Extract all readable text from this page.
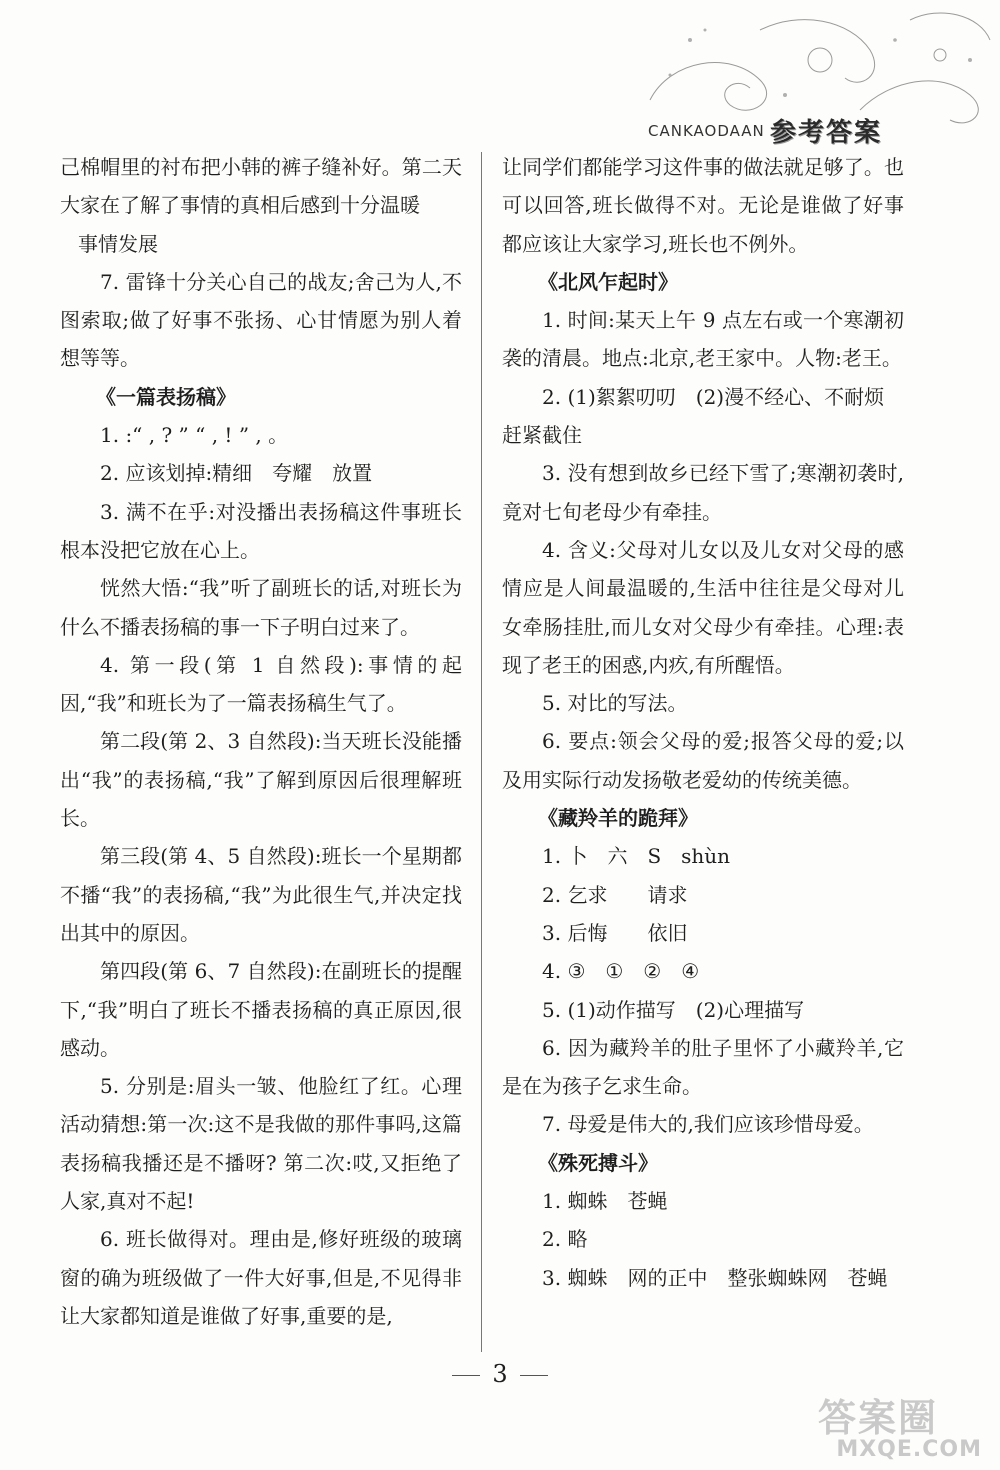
CANKAODAAN 参考答案

己棉帽里的衬布把小韩的裤子缝补好。第二天大家在了解了事情的真相后感到十分温暖

事情发展

7. 雷锋十分关心自己的战友;舍己为人,不图索取;做了好事不张扬、心甘情愿为别人着想等等。

《一篇表扬稿》

1. :“ , ? ” “ , ! ” , 。

2. 应该划掉:精细　夸耀　放置

3. 满不在乎:对没播出表扬稿这件事班长根本没把它放在心上。

恍然大悟:“我”听了副班长的话,对班长为什么不播表扬稿的事一下子明白过来了。

4. 第一段(第 1 自然段):事情的起因,“我”和班长为了一篇表扬稿生气了。

第二段(第 2、3 自然段):当天班长没能播出“我”的表扬稿,“我”了解到原因后很理解班长。

第三段(第 4、5 自然段):班长一个星期都不播“我”的表扬稿,“我”为此很生气,并决定找出其中的原因。

第四段(第 6、7 自然段):在副班长的提醒下,“我”明白了班长不播表扬稿的真正原因,很感动。

5. 分别是:眉头一皱、他脸红了红。心理活动猜想:第一次:这不是我做的那件事吗,这篇表扬稿我播还是不播呀? 第二次:哎,又拒绝了人家,真对不起!

6. 班长做得对。理由是,修好班级的玻璃窗的确为班级做了一件大好事,但是,不见得非让大家都知道是谁做了好事,重要的是,

让同学们都能学习这件事的做法就足够了。也可以回答,班长做得不对。无论是谁做了好事都应该让大家学习,班长也不例外。

《北风乍起时》

1. 时间:某天上午 9 点左右或一个寒潮初袭的清晨。地点:北京,老王家中。人物:老王。

2. (1)絮絮叨叨　(2)漫不经心、不耐烦

赶紧截住

3. 没有想到故乡已经下雪了;寒潮初袭时,竟对七旬老母少有牵挂。

4. 含义:父母对儿女以及儿女对父母的感情应是人间最温暖的,生活中往往是父母对儿女牵肠挂肚,而儿女对父母少有牵挂。心理:表现了老王的困惑,内疚,有所醒悟。

5. 对比的写法。

6. 要点:领会父母的爱;报答父母的爱;以及用实际行动发扬敬老爱幼的传统美德。

《藏羚羊的跪拜》

1. 卜　六　S　shùn

2. 乞求　　请求

3. 后悔　　依旧

4. ③　①　②　④

5. (1)动作描写　(2)心理描写

6. 因为藏羚羊的肚子里怀了小藏羚羊,它是在为孩子乞求生命。

7. 母爱是伟大的,我们应该珍惜母爱。

《殊死搏斗》

1. 蜘蛛　苍蝇

2. 略

3. 蜘蛛　网的正中　整张蜘蛛网　苍蝇

3
答案圈
MXQE.COM
